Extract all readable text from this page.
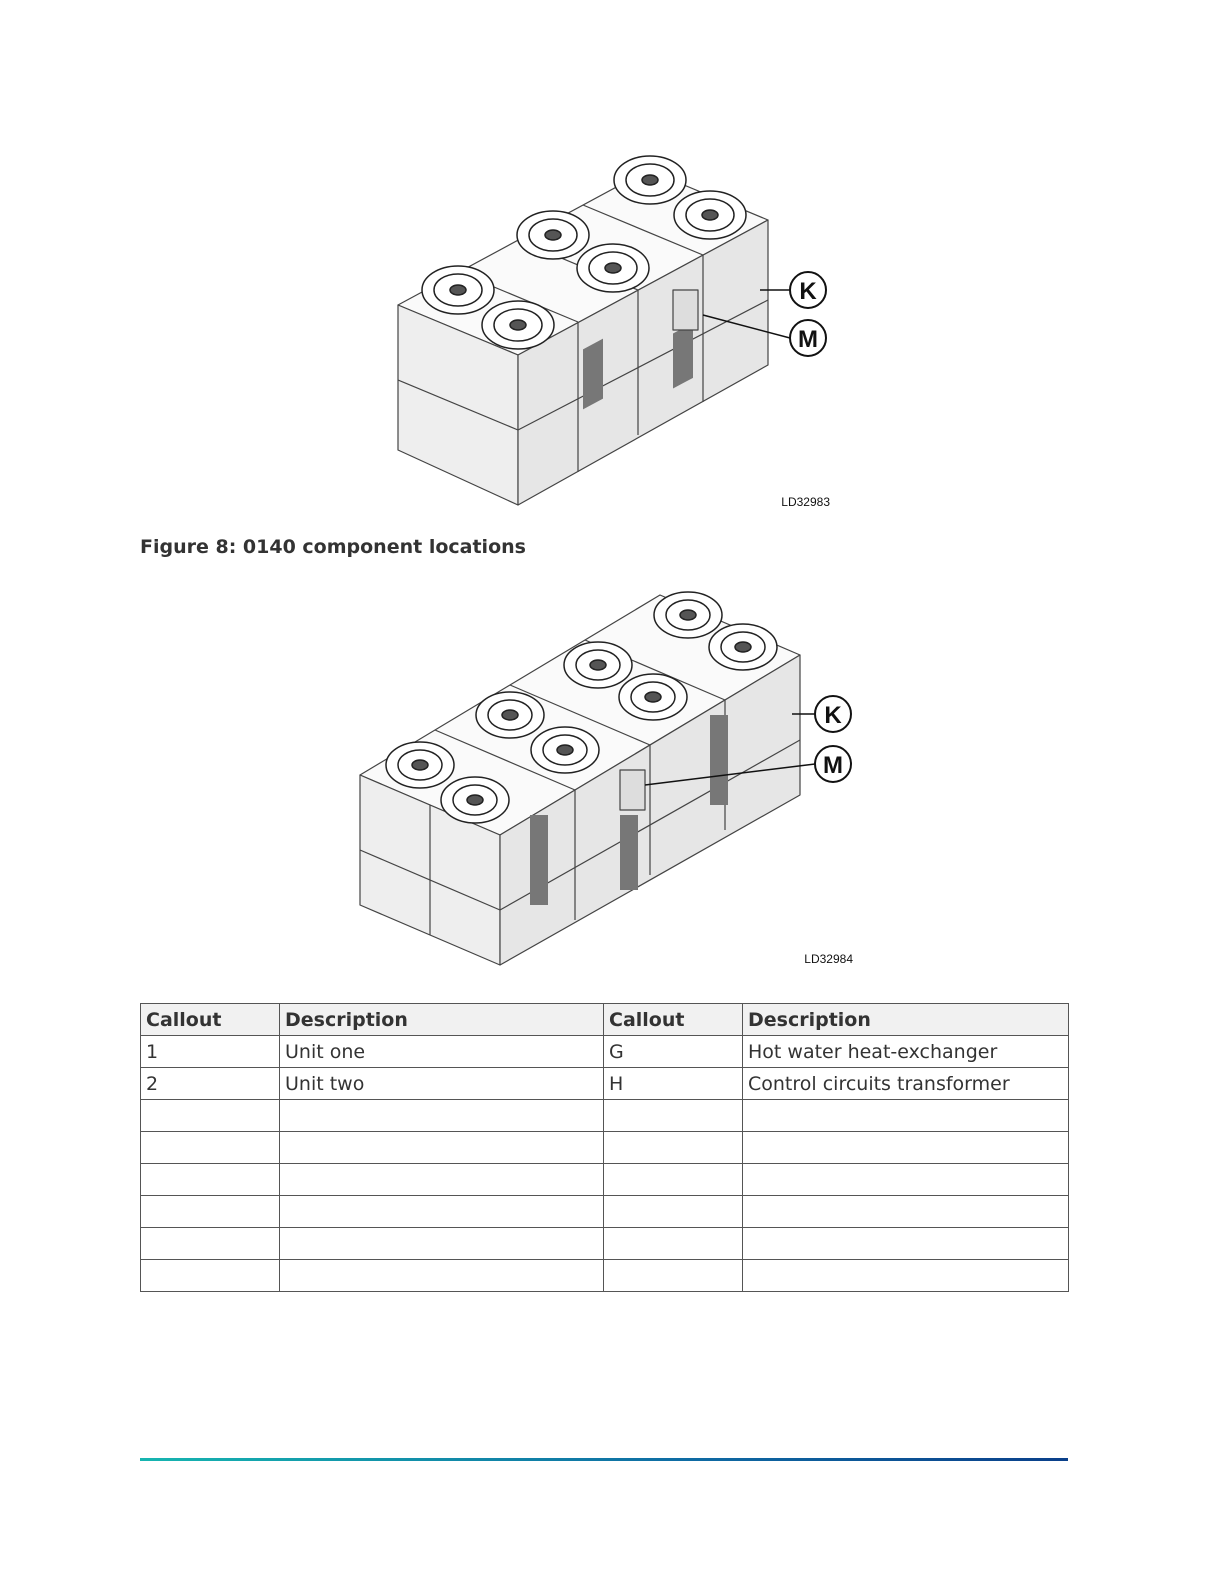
K
M
LD32983
Figure 8: 0140 component locations
K
M
LD32984
Callout	Description	Callout	Description
1	Unit one	G	Hot water heat-exchanger
2	Unit two	H	Control circuits transformer
